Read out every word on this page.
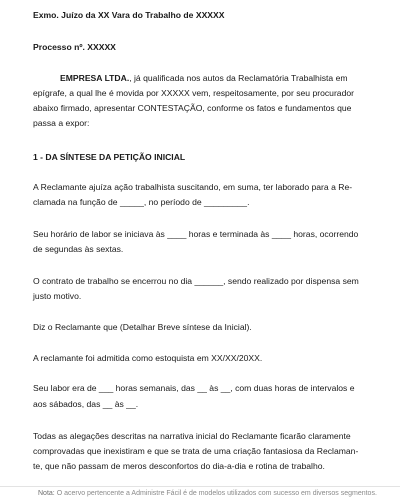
Exmo. Juízo da XX Vara do Trabalho de XXXXX
Processo nº. XXXXX
EMPRESA LTDA., já qualificada nos autos da Reclamatória Trabalhista em
epígrafe, a qual lhe é movida por XXXXX vem, respeitosamente, por seu procurador
abaixo firmado, apresentar CONTESTAÇÃO, conforme os fatos e fundamentos que
passa a expor:
1 - DA SÍNTESE DA PETIÇÃO INICIAL
A Reclamante ajuíza ação trabalhista suscitando, em suma, ter laborado para a Re-
clamada na função de _____, no período de _________.
Seu horário de labor se iniciava às ____ horas e terminada às ____ horas, ocorrendo
de segundas às sextas.
O contrato de trabalho se encerrou no dia ______, sendo realizado por dispensa sem
justo motivo.
Diz o Reclamante que (Detalhar Breve síntese da Inicial).
A reclamante foi admitida como estoquista em XX/XX/20XX.
Seu labor era de ___ horas semanais, das __ às __, com duas horas de intervalos e
aos sábados, das __ às __.
Todas as alegações descritas na narrativa inicial do Reclamante ficarão claramente
comprovadas que inexistiram e que se trata de uma criação fantasiosa da Reclaman-
te, que não passam de meros desconfortos do dia-a-dia e rotina de trabalho.
Nota: O acervo pertencente a Administre Fácil é de modelos utilizados com sucesso em diversos segmentos.
